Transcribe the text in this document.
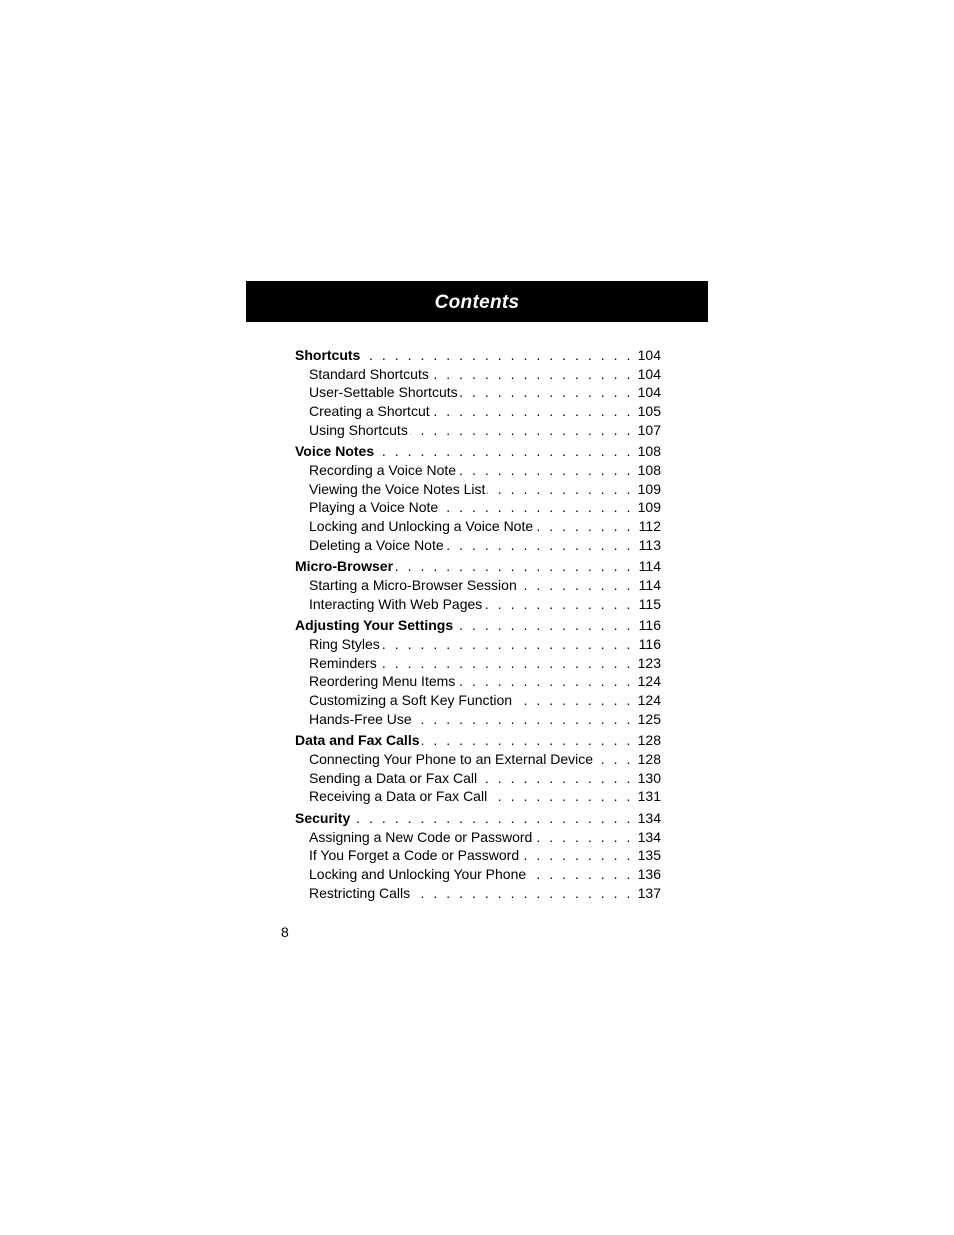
Contents
Shortcuts . . .	104
Standard Shortcuts . . .	104
User-Settable Shortcuts . . .	104
Creating a Shortcut . . .	105
Using Shortcuts . . .	107
Voice Notes . . .	108
Recording a Voice Note . . .	108
Viewing the Voice Notes List . . .	109
Playing a Voice Note . . .	109
Locking and Unlocking a Voice Note . . .	112
Deleting a Voice Note . . .	113
Micro-Browser . . .	114
Starting a Micro-Browser Session . . .	114
Interacting With Web Pages . . .	115
Adjusting Your Settings . . .	116
Ring Styles . . .	116
Reminders . . .	123
Reordering Menu Items . . .	124
Customizing a Soft Key Function . . .	124
Hands-Free Use . . .	125
Data and Fax Calls . . .	128
Connecting Your Phone to an External Device . . .	128
Sending a Data or Fax Call . . .	130
Receiving a Data or Fax Call . . .	131
Security . . .	134
Assigning a New Code or Password . . .	134
If You Forget a Code or Password . . .	135
Locking and Unlocking Your Phone . . .	136
Restricting Calls . . .	137
8
